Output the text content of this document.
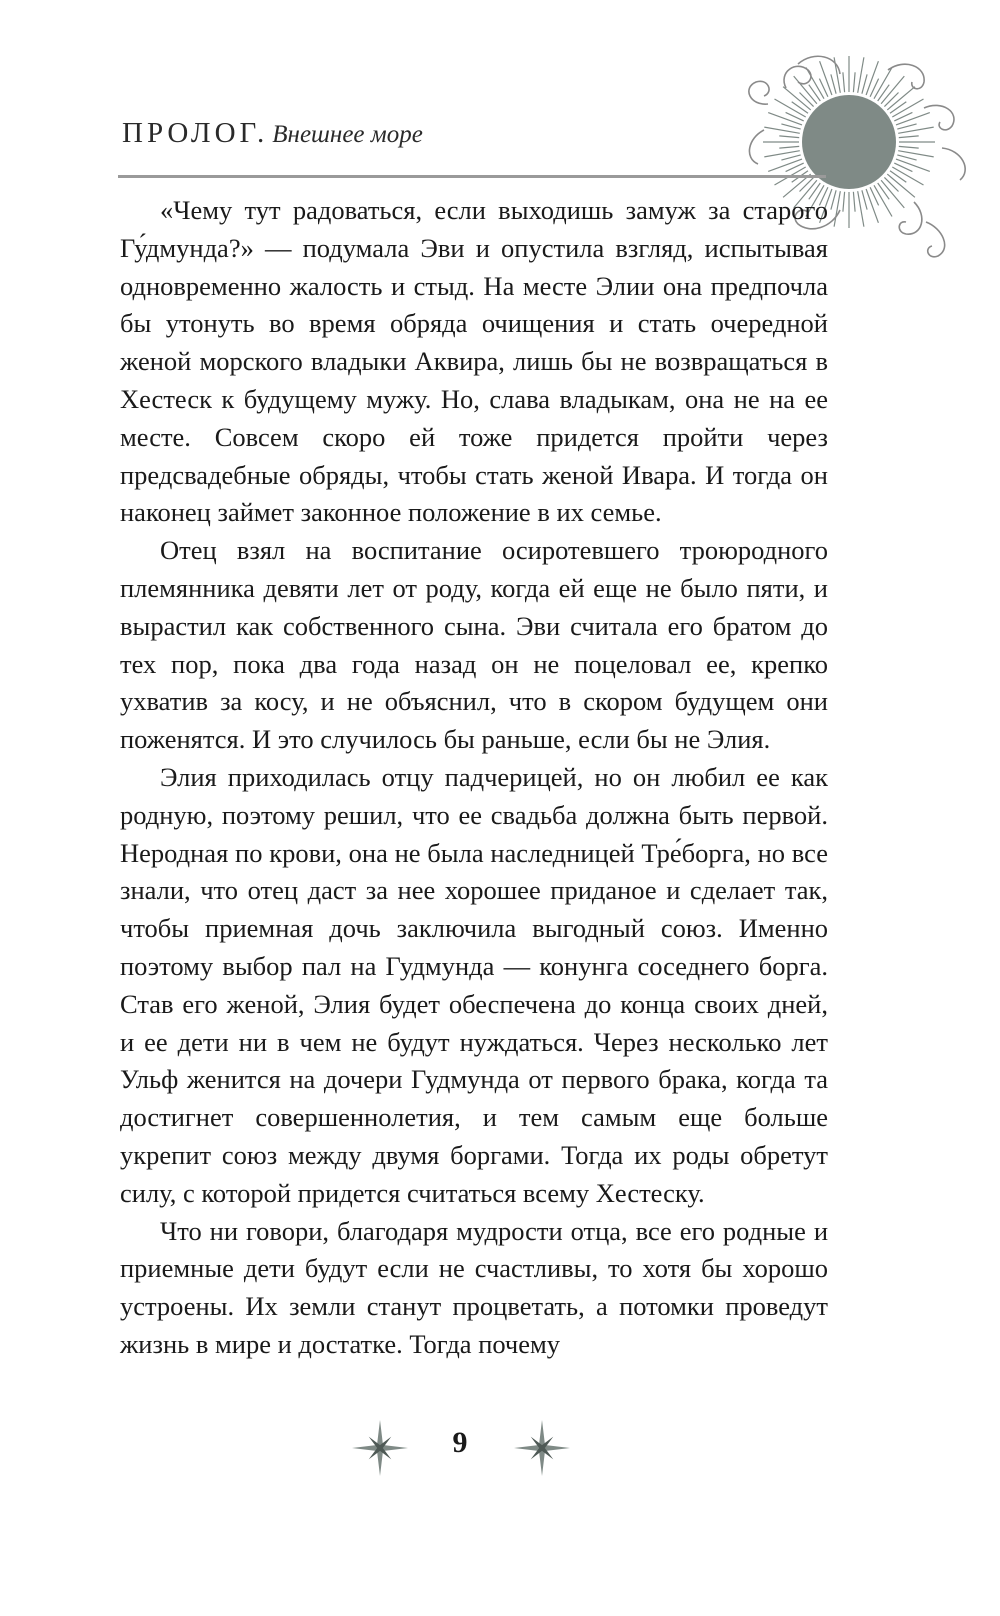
ПРОЛОГ. Внешнее море

«Чему тут радоваться, если выходишь замуж за старого Гу́дмунда?» — подумала Эви и опустила взгляд, испытывая одновременно жалость и стыд. На месте Элии она предпочла бы утонуть во время обряда очищения и стать очередной женой морского владыки Аквира, лишь бы не возвращаться в Хестеск к будущему мужу. Но, слава владыкам, она не на ее месте. Совсем скоро ей тоже придется пройти через предсвадебные обряды, чтобы стать женой Ивара. И тогда он наконец займет законное положение в их семье.

Отец взял на воспитание осиротевшего троюродного племянника девяти лет от роду, когда ей еще не было пяти, и вырастил как собственного сына. Эви считала его братом до тех пор, пока два года назад он не поцеловал ее, крепко ухватив за косу, и не объяснил, что в скором будущем они поженятся. И это случилось бы раньше, если бы не Элия.

Элия приходилась отцу падчерицей, но он любил ее как родную, поэтому решил, что ее свадьба должна быть первой. Неродная по крови, она не была наследницей Тре́борга, но все знали, что отец даст за нее хорошее приданое и сделает так, чтобы приемная дочь заключила выгодный союз. Именно поэтому выбор пал на Гудмунда — конунга соседнего борга. Став его женой, Элия будет обеспечена до конца своих дней, и ее дети ни в чем не будут нуждаться. Через несколько лет Ульф женится на дочери Гудмунда от первого брака, когда та достигнет совершеннолетия, и тем самым еще больше укрепит союз между двумя боргами. Тогда их роды обретут силу, с которой придется считаться всему Хестеску.

Что ни говори, благодаря мудрости отца, все его родные и приемные дети будут если не счастливы, то хотя бы хорошо устроены. Их земли станут процветать, а потомки проведут жизнь в мире и достатке. Тогда почему

9
